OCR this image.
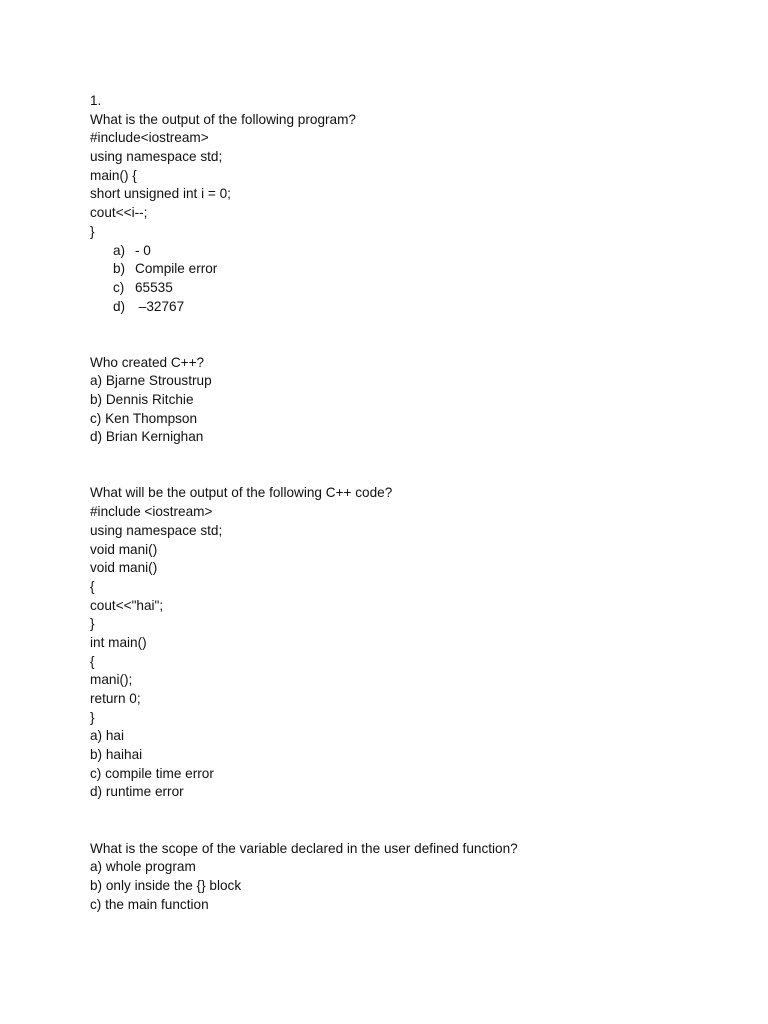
1.
What is the output of the following program?
#include<iostream>
using namespace std;
main() {
short unsigned int i = 0;
cout<<i--;
}
a) - 0
b) Compile error
c) 65535
d) –32767
Who created C++?
a) Bjarne Stroustrup
b) Dennis Ritchie
c) Ken Thompson
d) Brian Kernighan
What will be the output of the following C++ code?
#include <iostream>
using namespace std;
void mani()
void mani()
{
cout<<"hai";
}
int main()
{
mani();
return 0;
}
a) hai
b) haihai
c) compile time error
d) runtime error
What is the scope of the variable declared in the user defined function?
a) whole program
b) only inside the {} block
c) the main function
